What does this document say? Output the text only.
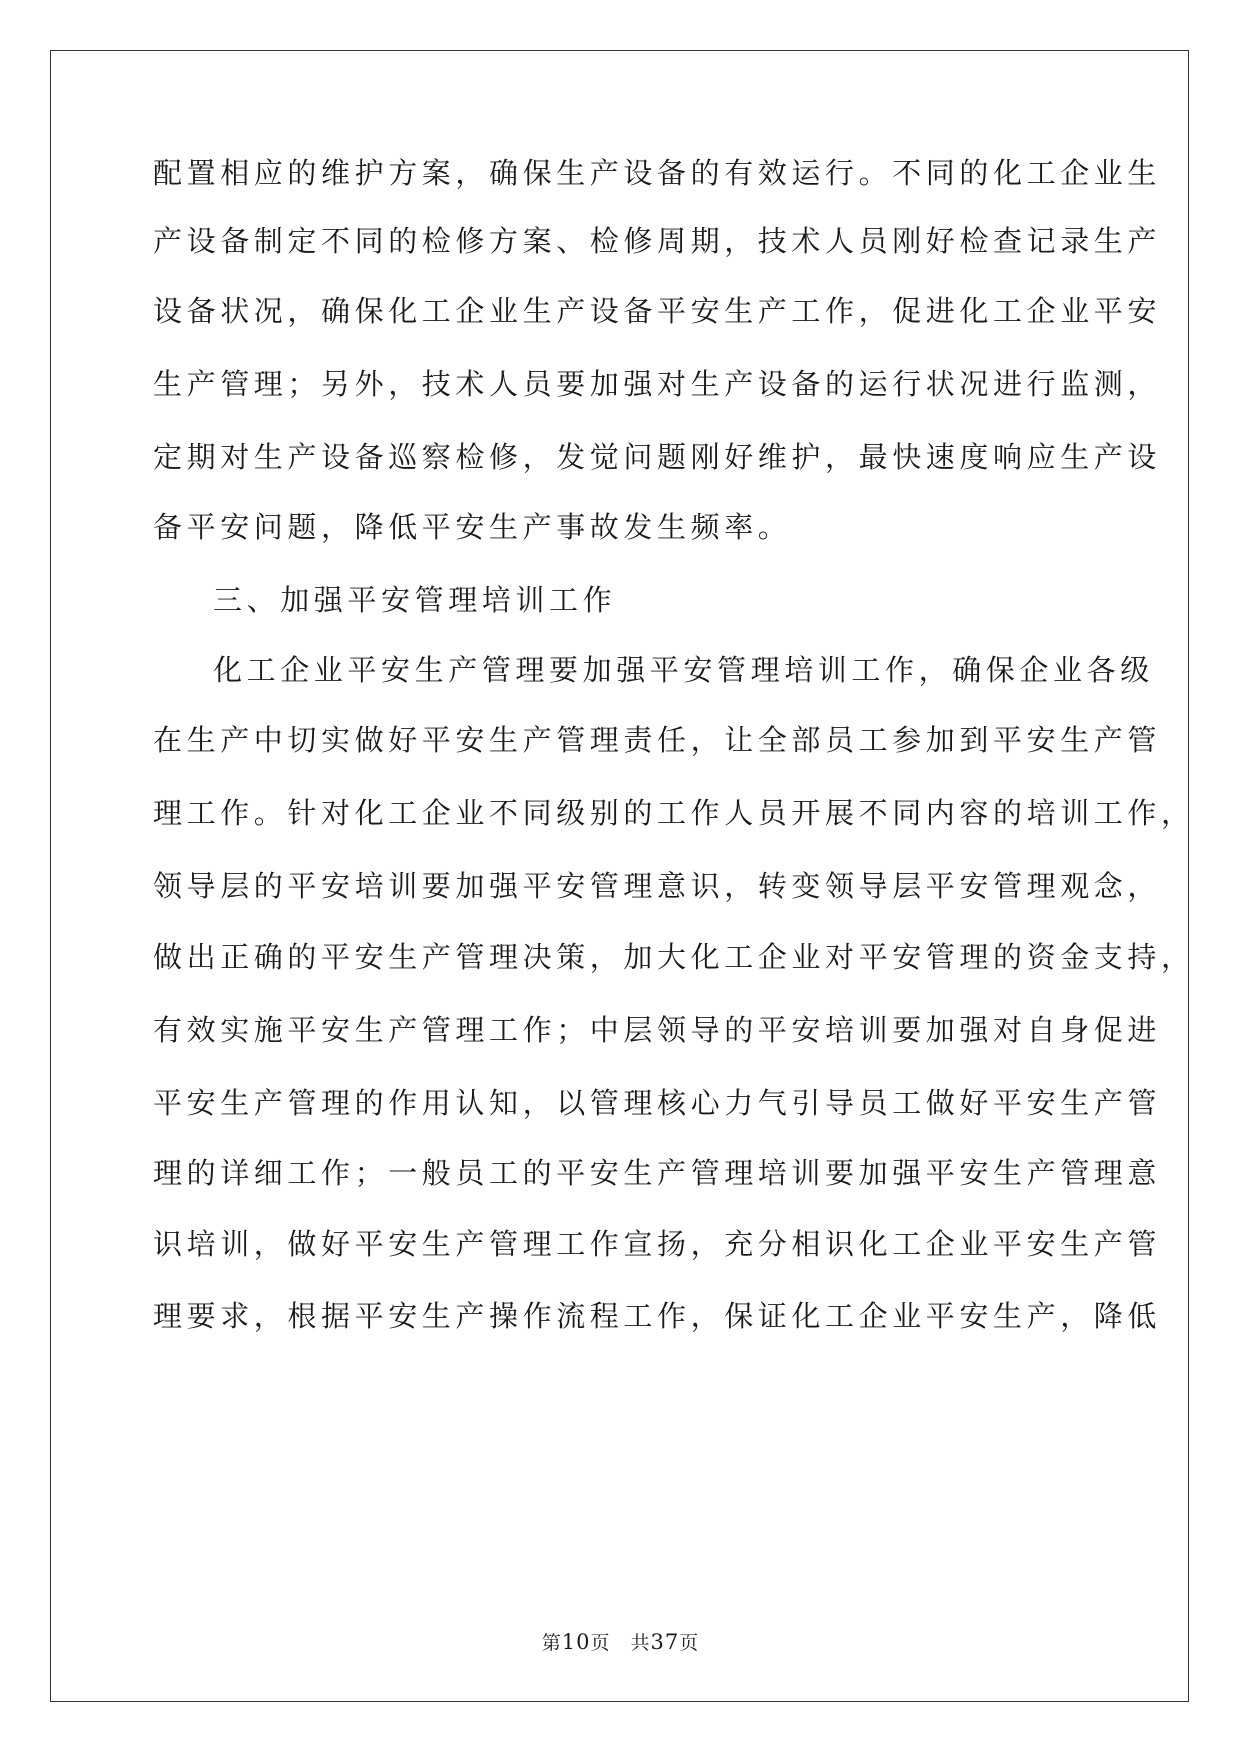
配置相应的维护方案，确保生产设备的有效运行。不同的化工企业生
产设备制定不同的检修方案、检修周期，技术人员刚好检查记录生产
设备状况，确保化工企业生产设备平安生产工作，促进化工企业平安
生产管理；另外，技术人员要加强对生产设备的运行状况进行监测，
定期对生产设备巡察检修，发觉问题刚好维护，最快速度响应生产设
备平安问题，降低平安生产事故发生频率。
三、加强平安管理培训工作
化工企业平安生产管理要加强平安管理培训工作，确保企业各级
在生产中切实做好平安生产管理责任，让全部员工参加到平安生产管
理工作。针对化工企业不同级别的工作人员开展不同内容的培训工作，
领导层的平安培训要加强平安管理意识，转变领导层平安管理观念，
做出正确的平安生产管理决策，加大化工企业对平安管理的资金支持，
有效实施平安生产管理工作；中层领导的平安培训要加强对自身促进
平安生产管理的作用认知，以管理核心力气引导员工做好平安生产管
理的详细工作；一般员工的平安生产管理培训要加强平安生产管理意
识培训，做好平安生产管理工作宣扬，充分相识化工企业平安生产管
理要求，根据平安生产操作流程工作，保证化工企业平安生产，降低
第10页　共37页
